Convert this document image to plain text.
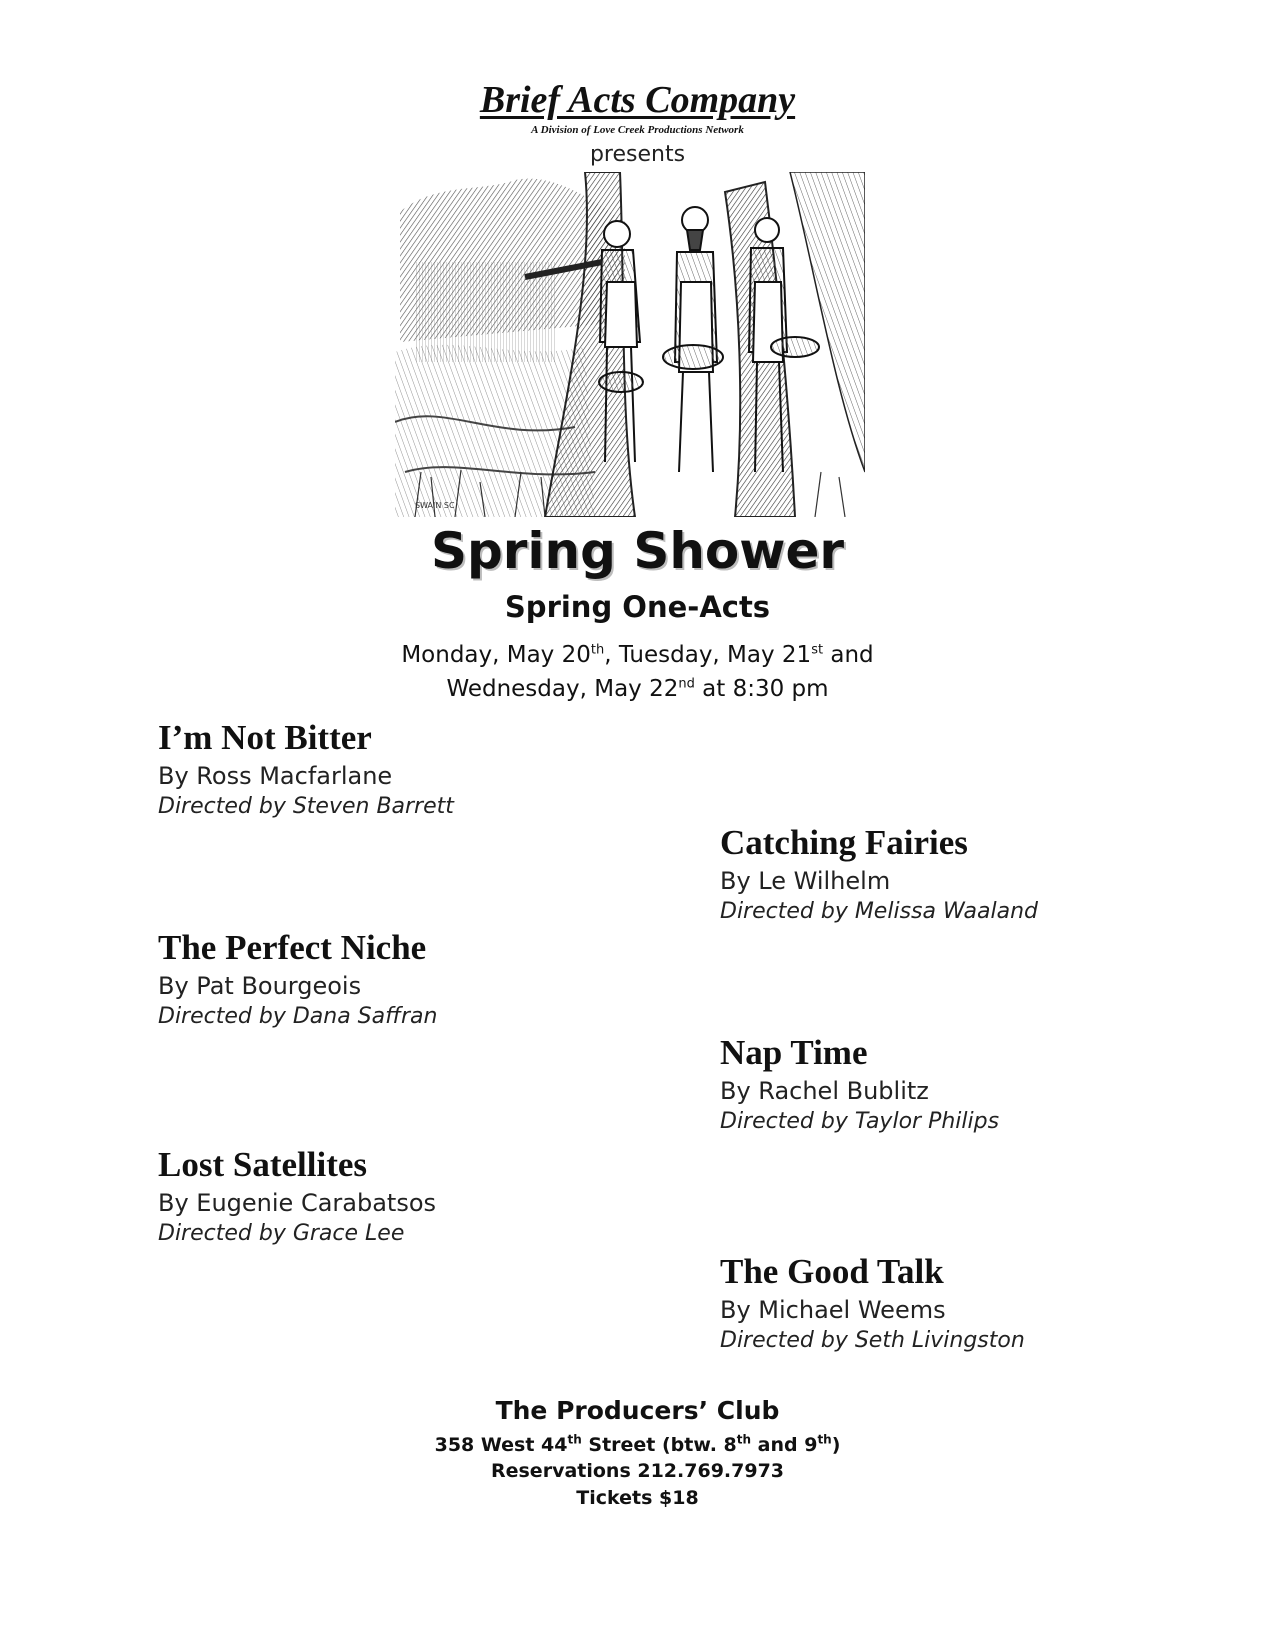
Brief Acts Company
A Division of Love Creek Productions Network
presents
SWAIN SC
Spring Shower
Spring One-Acts
Monday, May 20th, Tuesday, May 21st and
Wednesday, May 22nd at 8:30 pm
I’m Not Bitter
By Ross Macfarlane
Directed by Steven Barrett
Catching Fairies
By Le Wilhelm
Directed by Melissa Waaland
The Perfect Niche
By Pat Bourgeois
Directed by Dana Saffran
Nap Time
By Rachel Bublitz
Directed by Taylor Philips
Lost Satellites
By Eugenie Carabatsos
Directed by Grace Lee
The Good Talk
By Michael Weems
Directed by Seth Livingston
The Producers’ Club
358 West 44th Street (btw. 8th and 9th)
Reservations 212.769.7973
Tickets $18
